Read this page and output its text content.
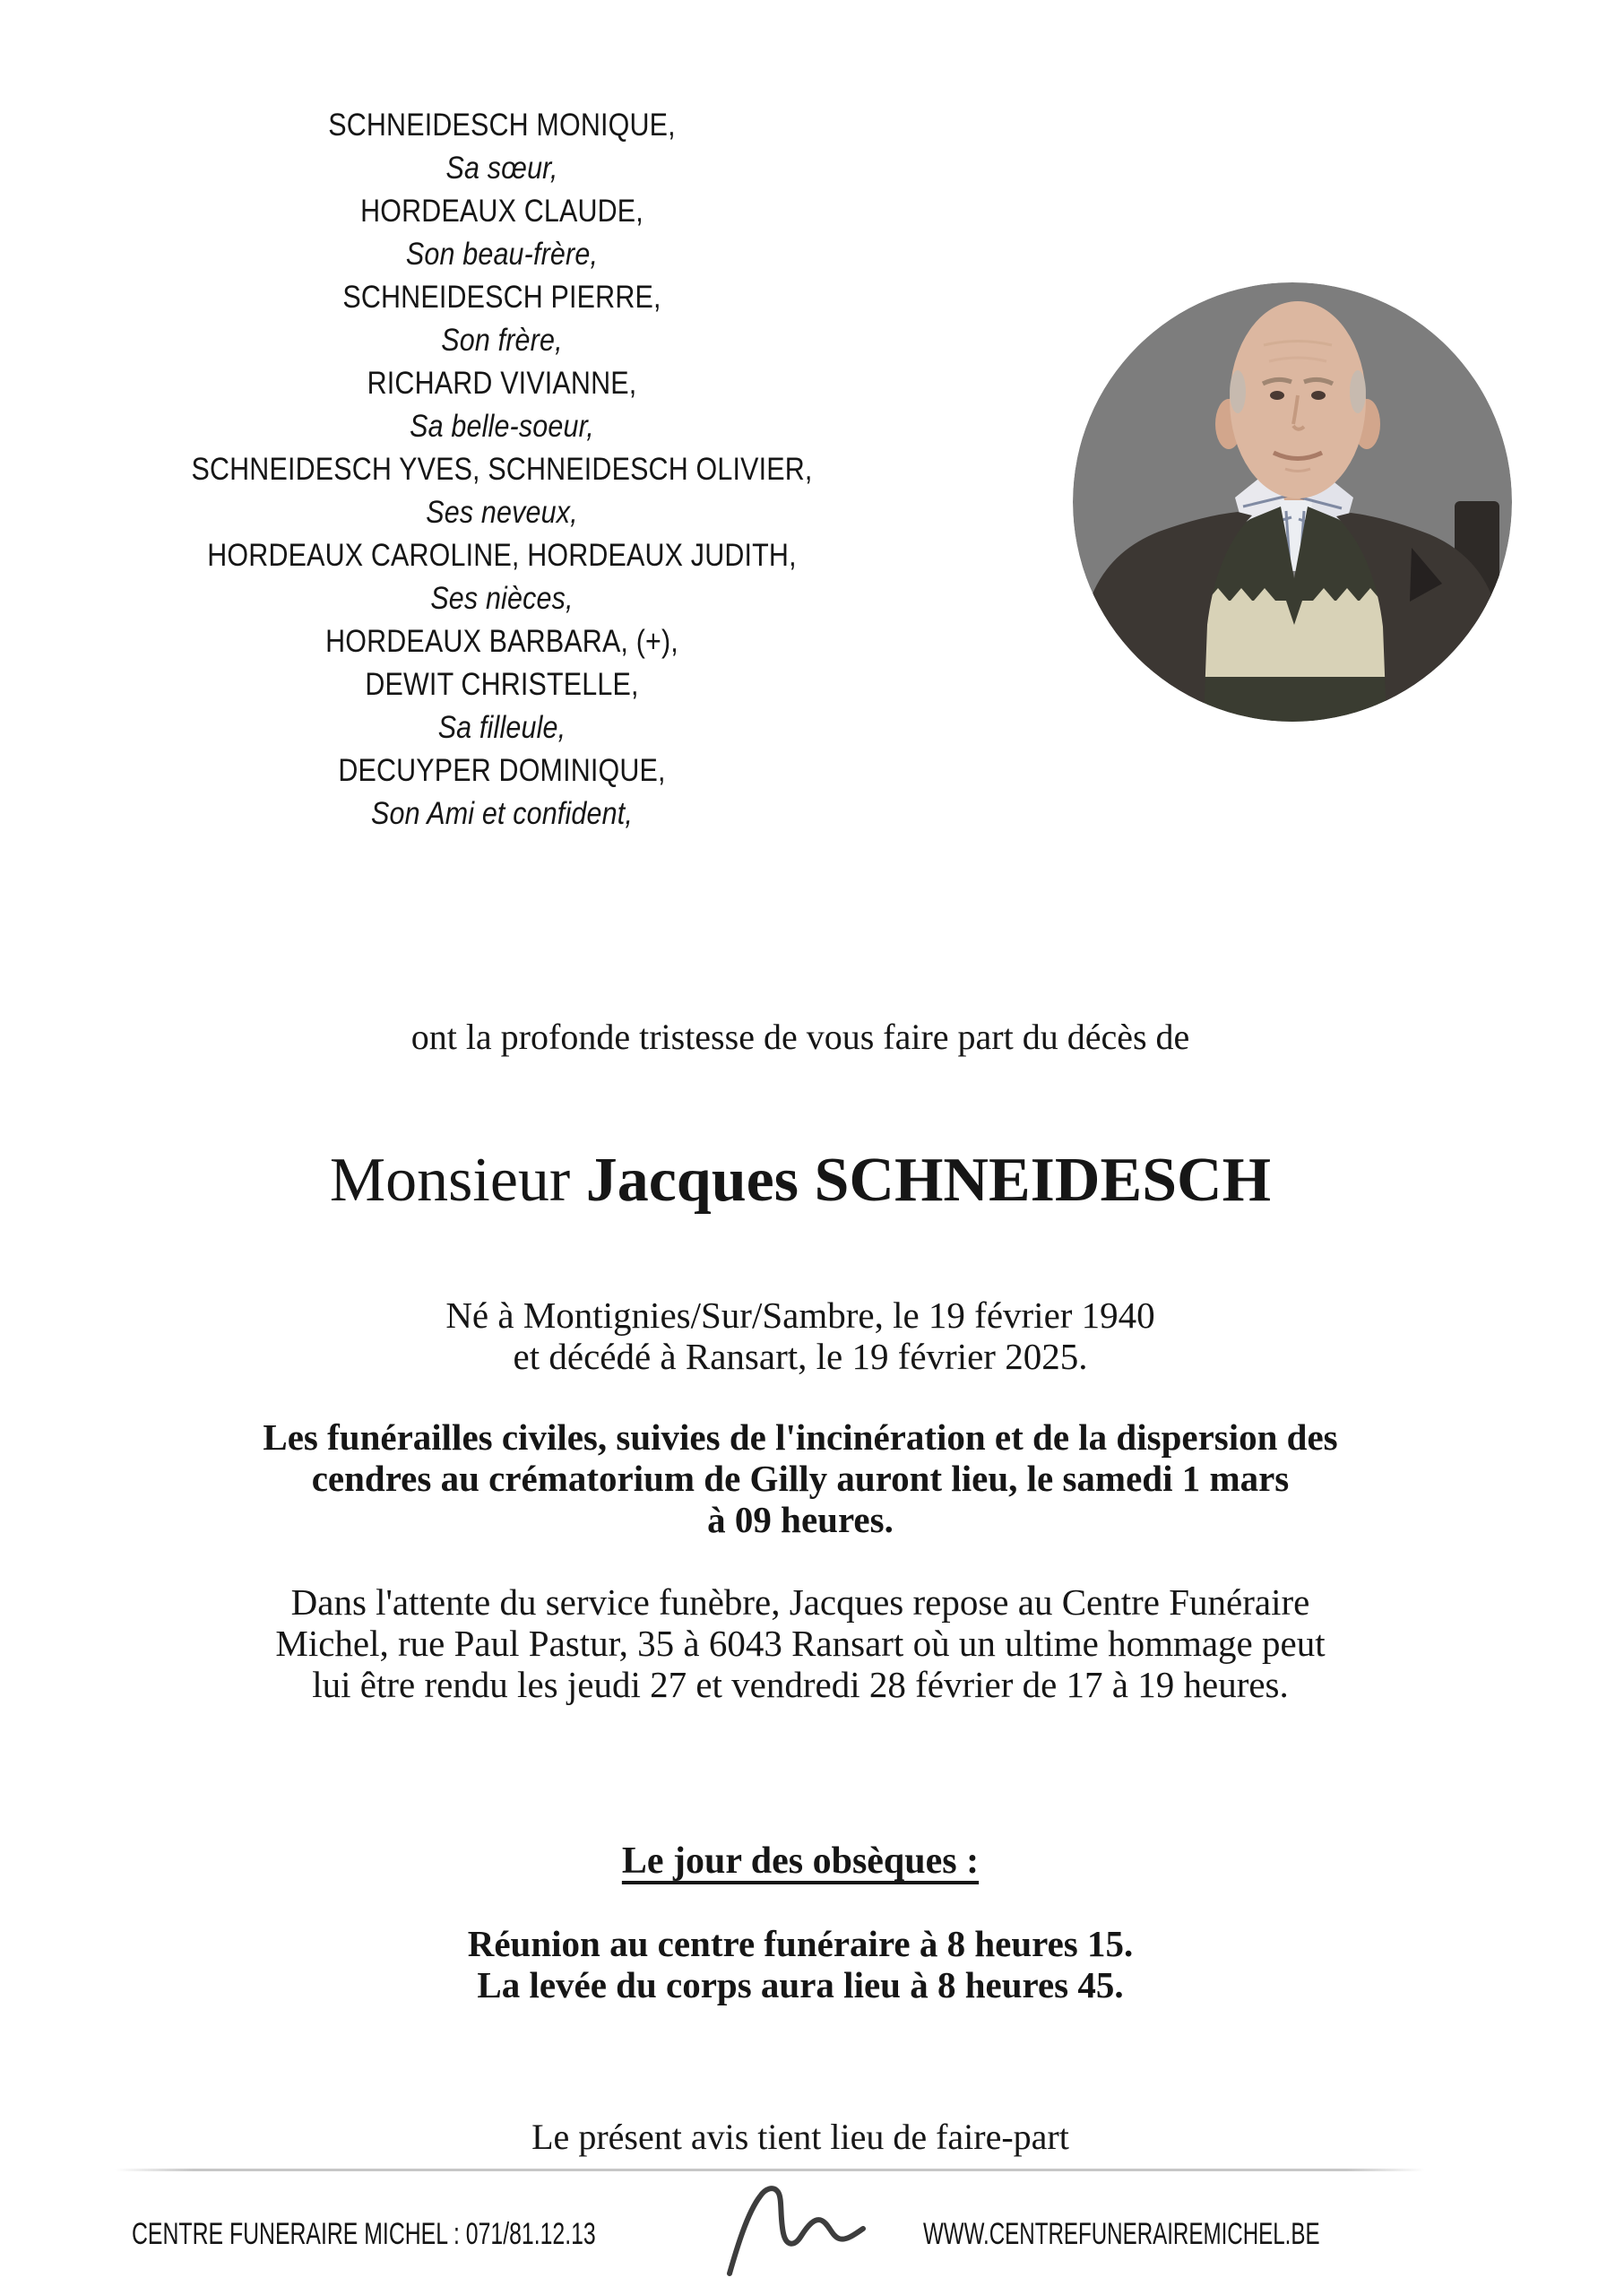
SCHNEIDESCH MONIQUE,
Sa sœur,
HORDEAUX CLAUDE,
Son beau-frère,
SCHNEIDESCH PIERRE,
Son frère,
RICHARD VIVIANNE,
Sa belle-soeur,
SCHNEIDESCH YVES, SCHNEIDESCH OLIVIER,
Ses neveux,
HORDEAUX CAROLINE, HORDEAUX JUDITH,
Ses nièces,
HORDEAUX BARBARA, (+),
DEWIT CHRISTELLE,
Sa filleule,
DECUYPER DOMINIQUE,
Son Ami et confident,
ont la profonde tristesse de vous faire part du décès de
Monsieur Jacques SCHNEIDESCH
Né à Montignies/Sur/Sambre, le 19 février 1940
et décédé à Ransart, le 19 février 2025.
Les funérailles civiles, suivies de l'incinération et de la dispersion des
cendres au crématorium de Gilly auront lieu, le samedi 1 mars
à 09 heures.
Dans l'attente du service funèbre, Jacques repose au Centre Funéraire
Michel, rue Paul Pastur, 35 à 6043 Ransart où un ultime hommage peut
lui être rendu les jeudi 27 et vendredi 28 février de 17 à 19 heures.
Le jour des obsèques :
Réunion au centre funéraire à 8 heures 15.
La levée du corps aura lieu à 8 heures 45.
Le présent avis tient lieu de faire-part
CENTRE FUNERAIRE MICHEL : 071/81.12.13	WWW.CENTREFUNERAIREMICHEL.BE
